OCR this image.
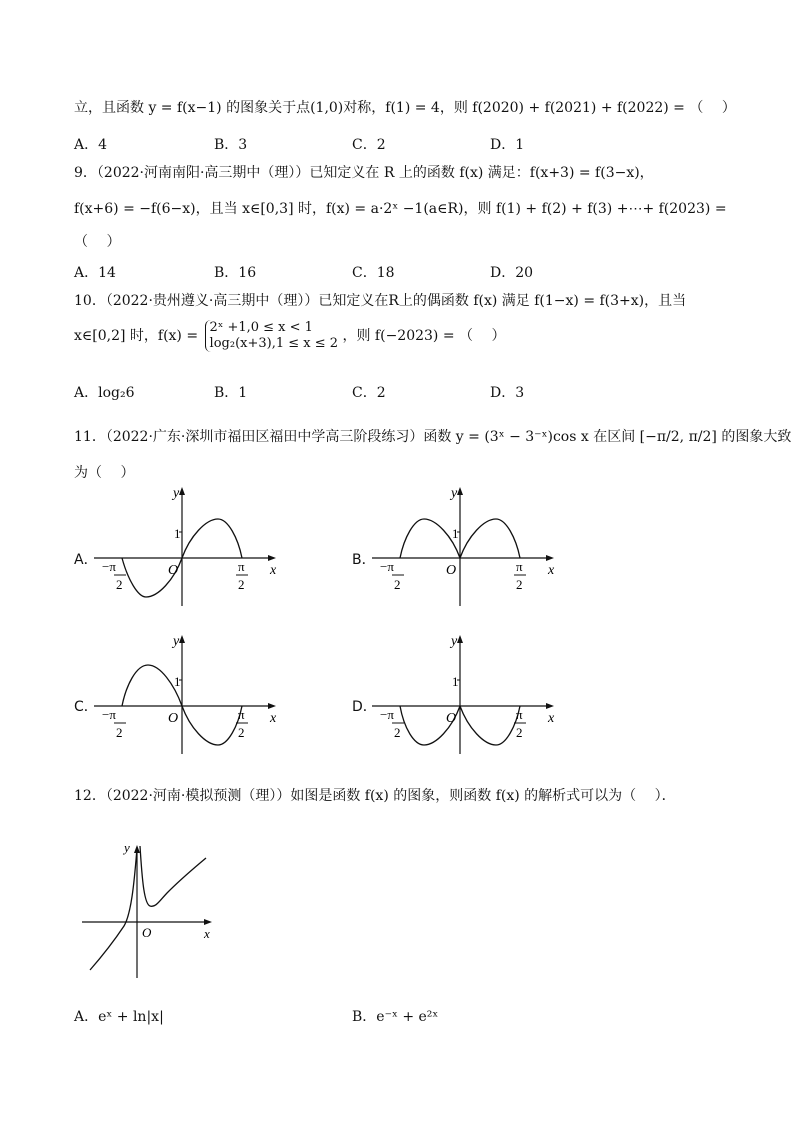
立，且函数 y = f(x−1) 的图象关于点(1,0)对称，f(1) = 4，则 f(2020) + f(2021) + f(2022) = （　 ）
A．4	B．3	C．2	D．1
9．（2022·河南南阳·高三期中（理））已知定义在 R 上的函数 f(x) 满足：f(x+3) = f(3−x)，
f(x+6) = −f(6−x)，且当 x∈[0,3] 时，f(x) = a·2ˣ −1(a∈R)，则 f(1) + f(2) + f(3) +⋯+ f(2023) =
（　 ）
A．14	B．16	C．18	D．20
10．（2022·贵州遵义·高三期中（理））已知定义在R上的偶函数 f(x) 满足 f(1−x) = f(3+x)，且当
x∈[0,2] 时，f(x) = 2ˣ +1,0 ≤ x < 1
log₂(x+3),1 ≤ x ≤ 2 ，则 f(−2023) = （　 ）
A．log₂6	B．1	C．2	D．3
11．（2022·广东·深圳市福田区福田中学高三阶段练习）函数 y = (3ˣ − 3⁻ˣ)cos x 在区间 [−π/2, π/2] 的图象大致
为（　 ）
A．	B．
C．	D．
x
y
O
1
−π
2
π
2
x
y
O
1
−π
2
π
2
x
y
O
1
−π
2
π
2
x
y
O
1
−π
2
π
2
12．（2022·河南·模拟预测（理））如图是函数 f(x) 的图象，则函数 f(x) 的解析式可以为（　 ）．
y
O	x
A．eˣ + ln|x|	B．e⁻ˣ + e²ˣ
